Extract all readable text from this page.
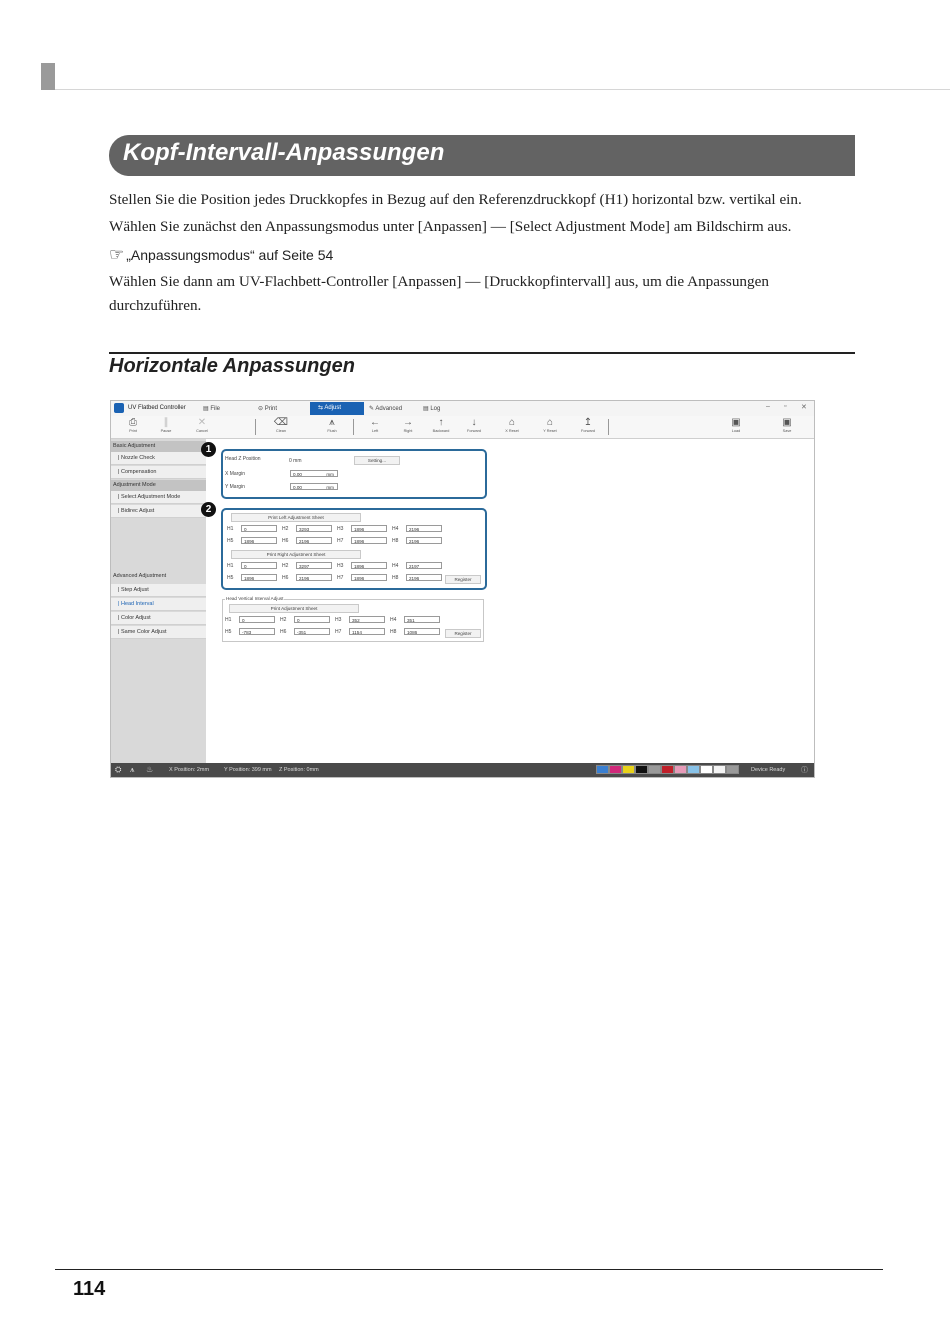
Kopf-Intervall-Anpassungen
Stellen Sie die Position jedes Druckkopfes in Bezug auf den Referenzdruckkopf (H1) horizontal bzw. vertikal ein.
Wählen Sie zunächst den Anpassungsmodus unter [Anpassen] — [Select Adjustment Mode] am Bildschirm aus.
☞ „Anpassungsmodus“ auf Seite 54
Wählen Sie dann am UV-Flachbett-Controller [Anpassen] — [Druckkopfintervall] aus, um die Anpassungen durchzuführen.
Horizontale Anpassungen
UV Flatbed Controller	▤ File	⊝ Print	⇆ Adjust	✎ Advanced	▤ Log	– ▫ ✕
⎙
Print
∥
Pause
✕
Cancel
⌫
Clean
⩚
Flush
←
Left
→
Right
↑
Backward
↓
Forward
⌂
X Reset
⌂
Y Reset
↥
Forward
▣
Load
▣
Save
Basic Adjustment
| Nozzle Check
| Compensation
Adjustment Mode
| Select Adjustment Mode
| Bidirec Adjust
Advanced Adjustment
| Step Adjust
| Head Interval
| Color Adjust
| Same Color Adjust
1
Head Z Position	0 mm	Setting...
X Margin	0.00	mm
Y Margin	0.00	mm
2
Print Left Adjustment Sheet
H1	0	H2	3293	H3	1896	H4	2196
H5	1896	H6	2196	H7	1896	H8	2196
Print Right Adjustment Sheet
H1	0	H2	3297	H3	1896	H4	2197
H5	1896	H6	2196	H7	1896	H8	2196	Register
Head Vertical Interval Adjust
Print Adjustment Sheet
H1	0	H2	0	H3	352	H4	351
H5	-783	H6	-351	H7	1154	H8	1086	Register
⛭ ⩚ ♨	X Position: 2mm	Y Position: 399 mm Z Position: 0mm	Device Ready ⓘ
114
